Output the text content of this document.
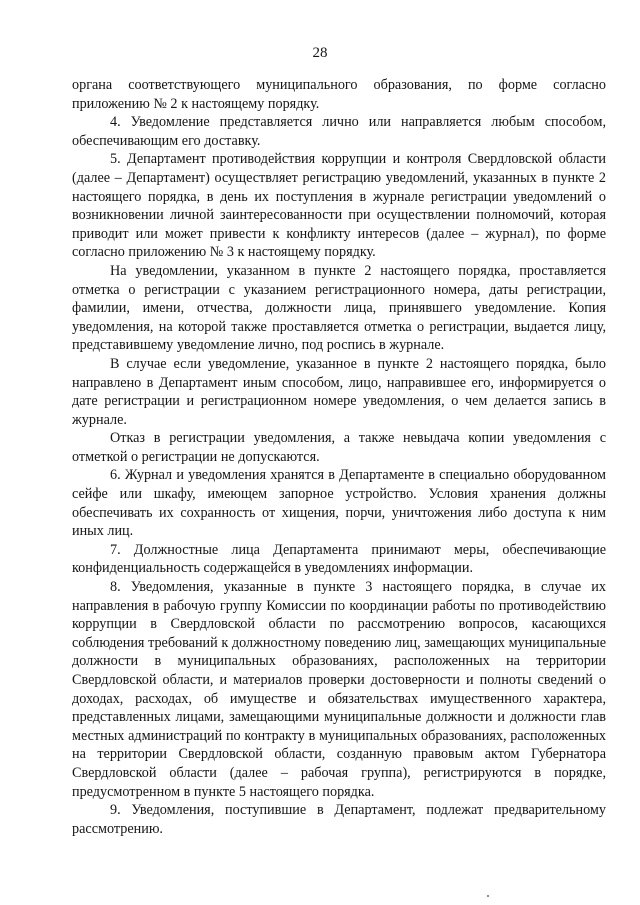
28

органа соответствующего муниципального образования, по форме согласно приложению № 2 к настоящему порядку.

4. Уведомление представляется лично или направляется любым способом, обеспечивающим его доставку.

5. Департамент противодействия коррупции и контроля Свердловской области (далее – Департамент) осуществляет регистрацию уведомлений, указанных в пункте 2 настоящего порядка, в день их поступления в журнале регистрации уведомлений о возникновении личной заинтересованности при осуществлении полномочий, которая приводит или может привести к конфликту интересов (далее – журнал), по форме согласно приложению № 3 к настоящему порядку.

На уведомлении, указанном в пункте 2 настоящего порядка, проставляется отметка о регистрации с указанием регистрационного номера, даты регистрации, фамилии, имени, отчества, должности лица, принявшего уведомление. Копия уведомления, на которой также проставляется отметка о регистрации, выдается лицу, представившему уведомление лично, под роспись в журнале.

В случае если уведомление, указанное в пункте 2 настоящего порядка, было направлено в Департамент иным способом, лицо, направившее его, информируется о дате регистрации и регистрационном номере уведомления, о чем делается запись в журнале.

Отказ в регистрации уведомления, а также невыдача копии уведомления с отметкой о регистрации не допускаются.

6. Журнал и уведомления хранятся в Департаменте в специально оборудованном сейфе или шкафу, имеющем запорное устройство. Условия хранения должны обеспечивать их сохранность от хищения, порчи, уничтожения либо доступа к ним иных лиц.

7. Должностные лица Департамента принимают меры, обеспечивающие конфиденциальность содержащейся в уведомлениях информации.

8. Уведомления, указанные в пункте 3 настоящего порядка, в случае их направления в рабочую группу Комиссии по координации работы по противодействию коррупции в Свердловской области по рассмотрению вопросов, касающихся соблюдения требований к должностному поведению лиц, замещающих муниципальные должности в муниципальных образованиях, расположенных на территории Свердловской области, и материалов проверки достоверности и полноты сведений о доходах, расходах, об имуществе и обязательствах имущественного характера, представленных лицами, замещающими муниципальные должности и должности глав местных администраций по контракту в муниципальных образованиях, расположенных на территории Свердловской области, созданную правовым актом Губернатора Свердловской области (далее – рабочая группа), регистрируются в порядке, предусмотренном в пункте 5 настоящего порядка.

9. Уведомления, поступившие в Департамент, подлежат предварительному рассмотрению.
